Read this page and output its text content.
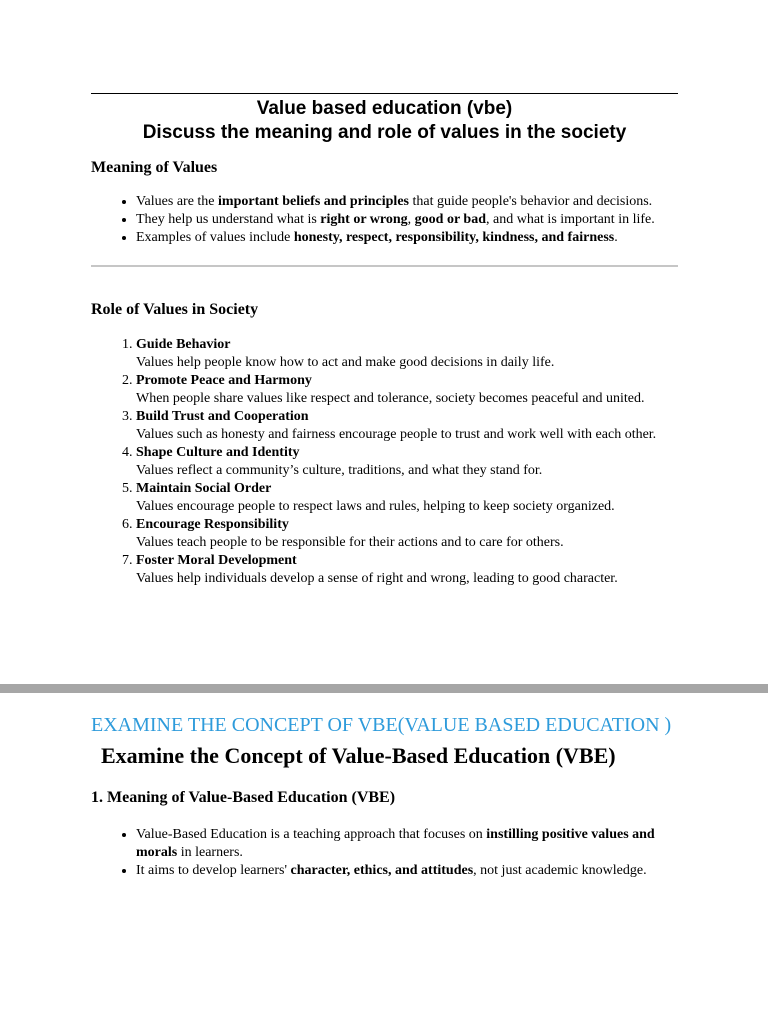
Value based education (vbe)
Discuss the meaning and role of values in the society
Meaning of Values
• Values are the important beliefs and principles that guide people's behavior and decisions.
• They help us understand what is right or wrong, good or bad, and what is important in life.
• Examples of values include honesty, respect, responsibility, kindness, and fairness.
Role of Values in Society
1. Guide Behavior
Values help people know how to act and make good decisions in daily life.
2. Promote Peace and Harmony
When people share values like respect and tolerance, society becomes peaceful and united.
3. Build Trust and Cooperation
Values such as honesty and fairness encourage people to trust and work well with each other.
4. Shape Culture and Identity
Values reflect a community’s culture, traditions, and what they stand for.
5. Maintain Social Order
Values encourage people to respect laws and rules, helping to keep society organized.
6. Encourage Responsibility
Values teach people to be responsible for their actions and to care for others.
7. Foster Moral Development
Values help individuals develop a sense of right and wrong, leading to good character.
EXAMINE THE CONCEPT OF VBE(VALUE BASED EDUCATION )
Examine the Concept of Value-Based Education (VBE)
1. Meaning of Value-Based Education (VBE)
• Value-Based Education is a teaching approach that focuses on instilling positive values and morals in learners.
• It aims to develop learners' character, ethics, and attitudes, not just academic knowledge.
